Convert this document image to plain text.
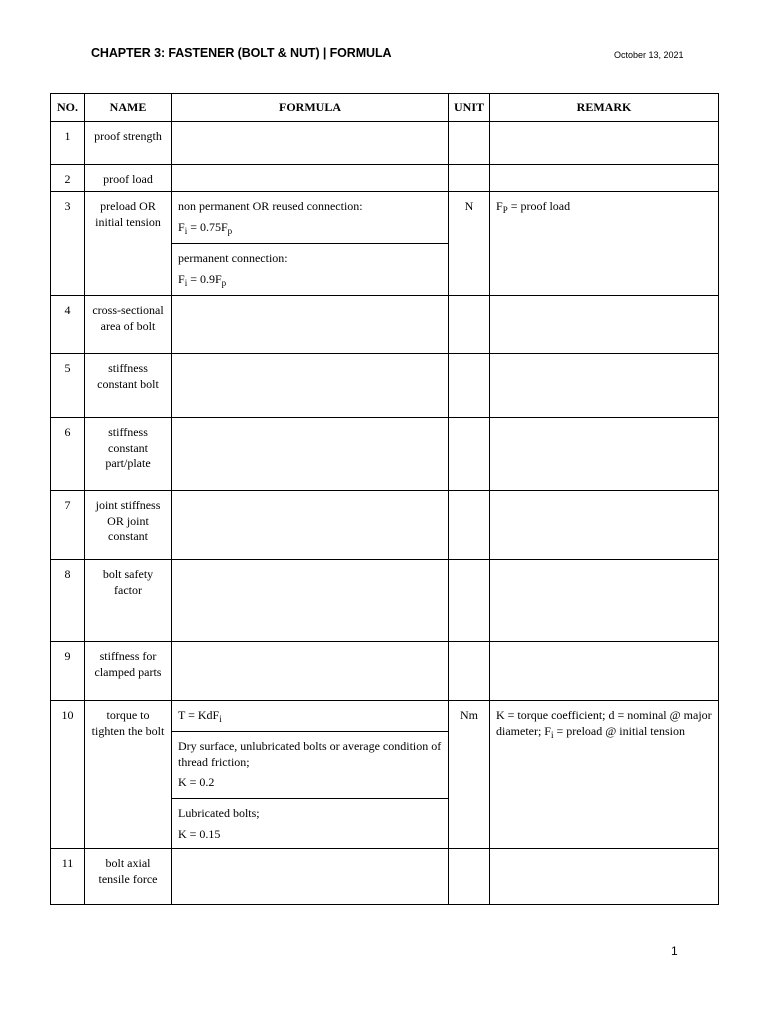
CHAPTER 3: FASTENER (BOLT & NUT) | FORMULA	October 13, 2021
NO.	NAME	FORMULA	UNIT	REMARK
1	proof strength			
2	proof load			
3	preload OR initial tension	non permanent OR reused connection:
$F_i = 0.75F_p$
permanent connection:
$F_i = 0.9F_p$	N	$F_P$ = proof load
4	cross-sectional area of bolt			
5	stiffness constant bolt			
6	stiffness constant part/plate			
7	joint stiffness OR joint constant			
8	bolt safety factor			
9	stiffness for clamped parts			
10	torque to tighten the bolt	T = KdF$_i$
Dry surface, unlubricated bolts or average condition of thread friction;
K = 0.2
Lubricated bolts;
K = 0.15	Nm	K = torque coefficient; d = nominal @ major diameter; $F_i$ = preload @ initial tension
11	bolt axial tensile force			
1
